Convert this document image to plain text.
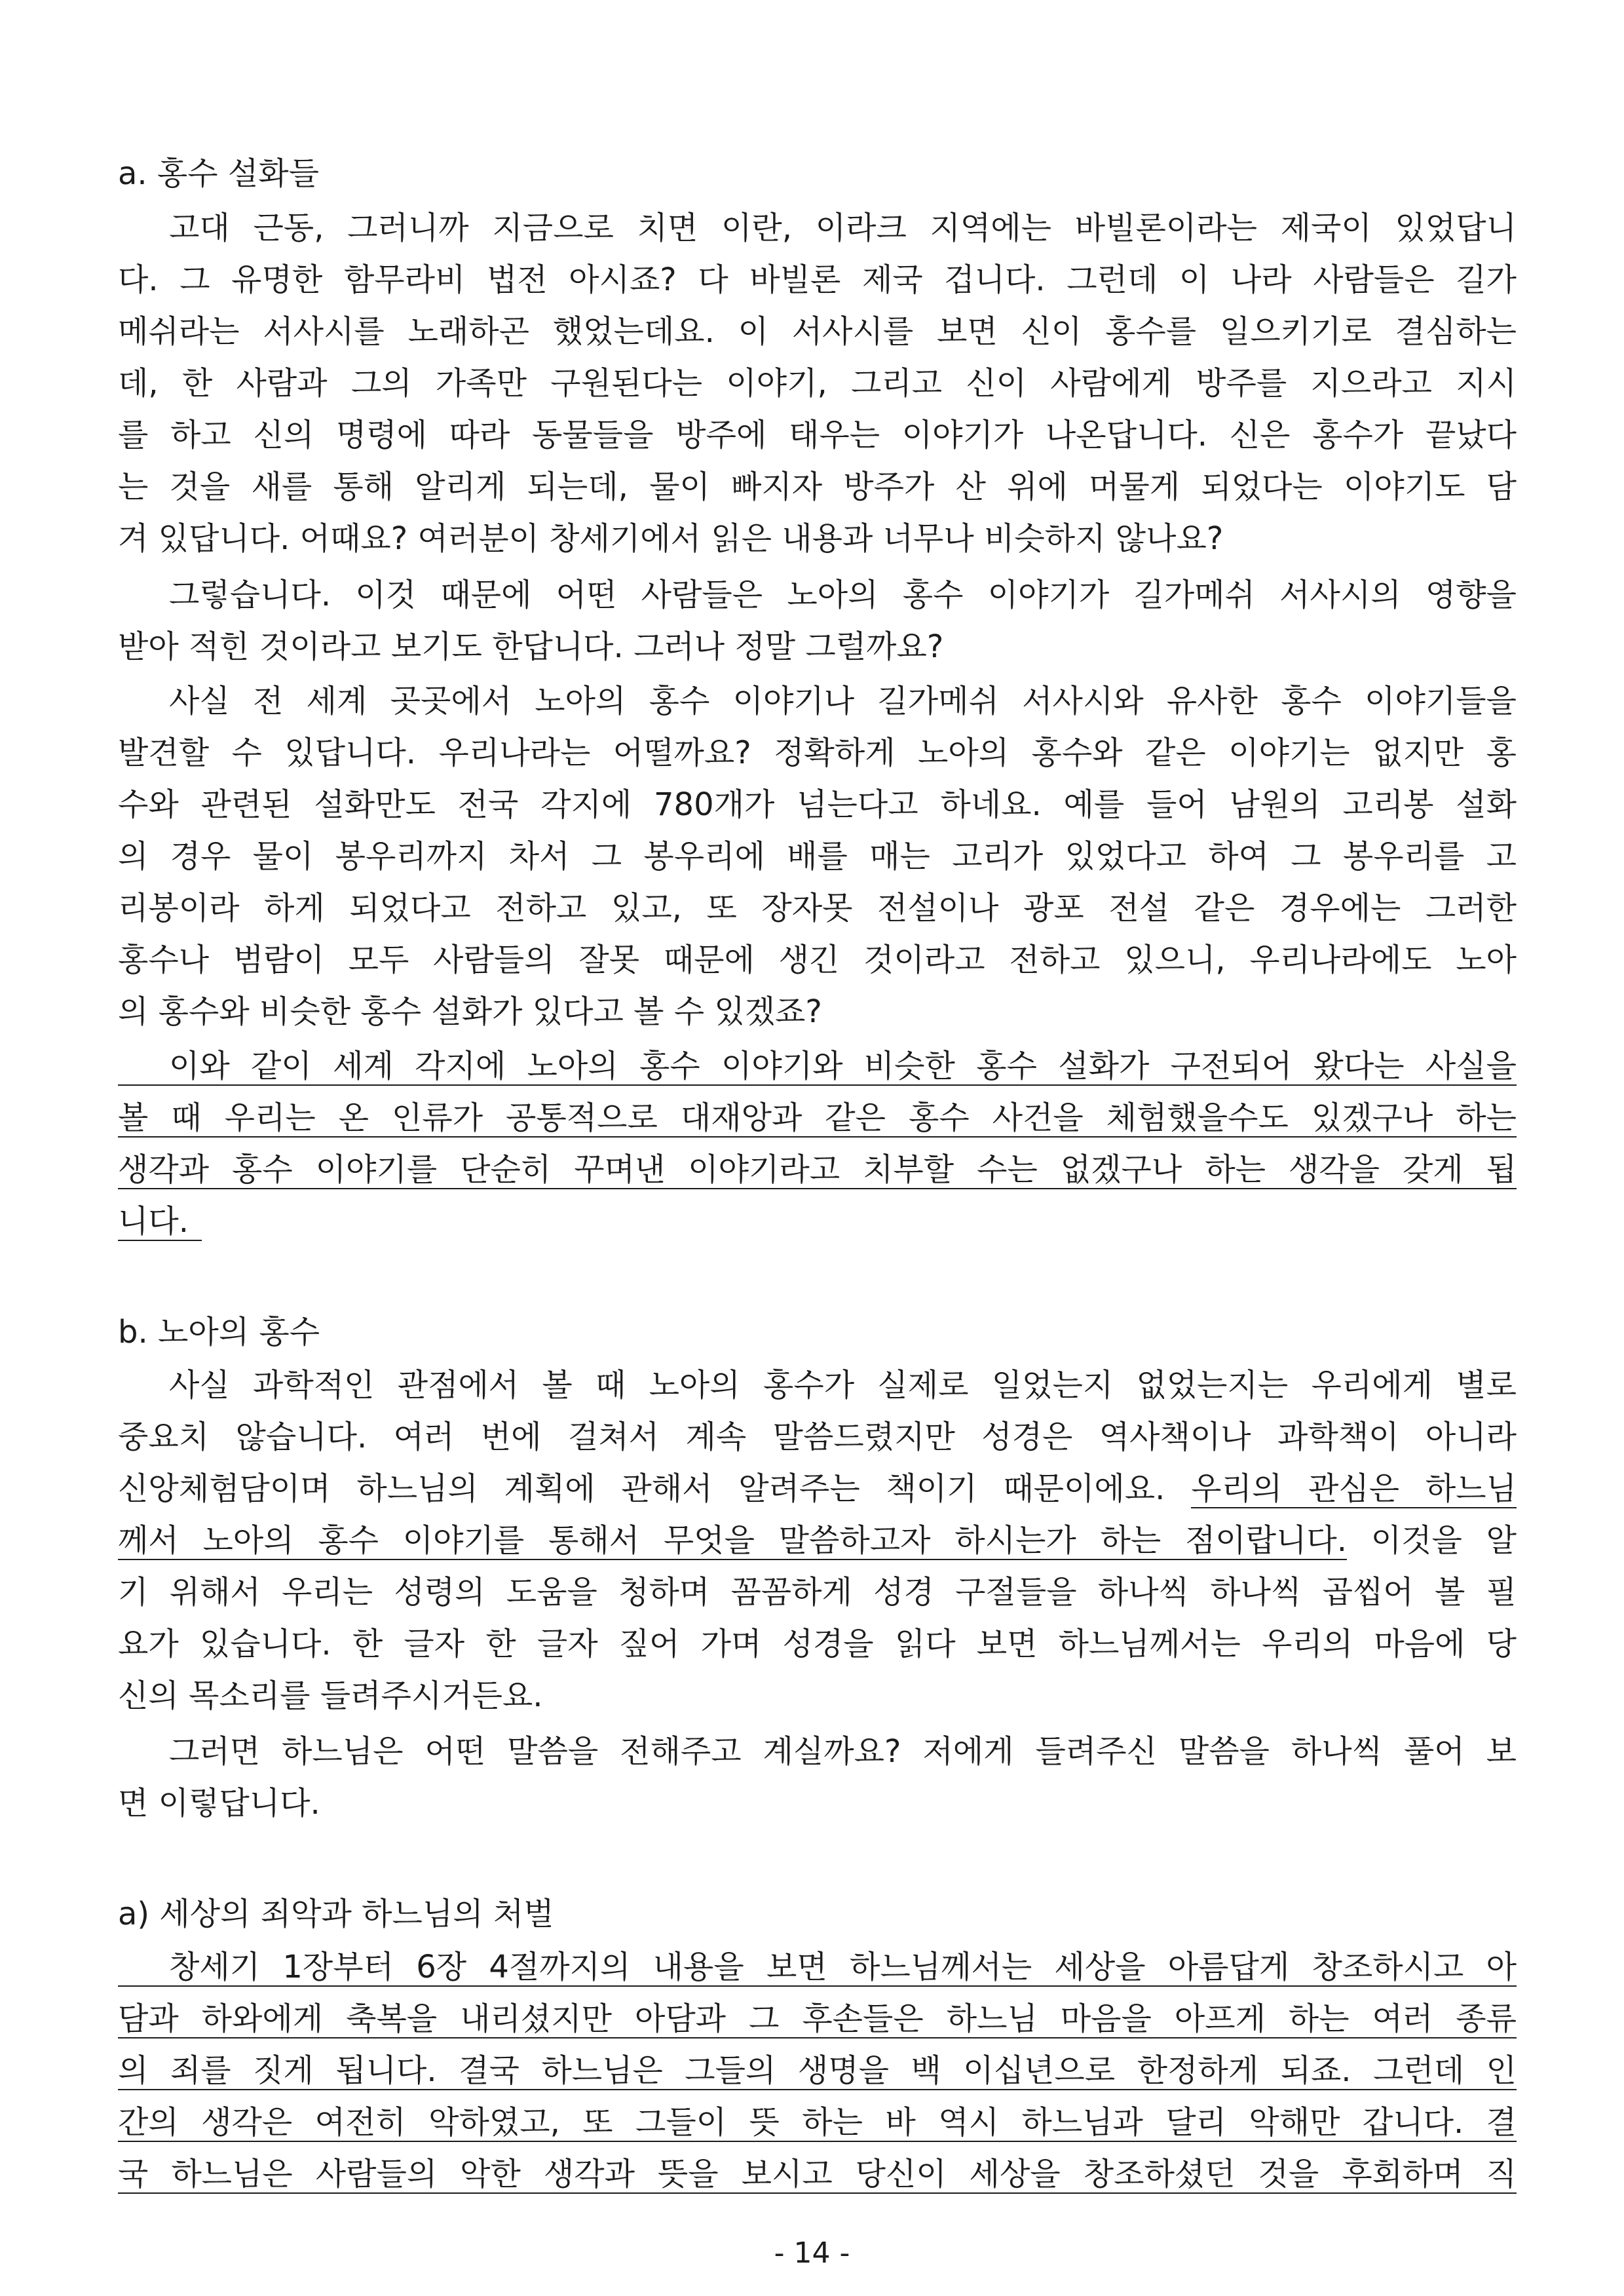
a. 홍수 설화들
고대 근동, 그러니까 지금으로 치면 이란, 이라크 지역에는 바빌론이라는 제국이 있었답니
다. 그 유명한 함무라비 법전 아시죠? 다 바빌론 제국 겁니다. 그런데 이 나라 사람들은 길가
메쉬라는 서사시를 노래하곤 했었는데요. 이 서사시를 보면 신이 홍수를 일으키기로 결심하는
데, 한 사람과 그의 가족만 구원된다는 이야기, 그리고 신이 사람에게 방주를 지으라고 지시
를 하고 신의 명령에 따라 동물들을 방주에 태우는 이야기가 나온답니다. 신은 홍수가 끝났다
는 것을 새를 통해 알리게 되는데, 물이 빠지자 방주가 산 위에 머물게 되었다는 이야기도 담
겨 있답니다. 어때요? 여러분이 창세기에서 읽은 내용과 너무나 비슷하지 않나요?
그렇습니다. 이것 때문에 어떤 사람들은 노아의 홍수 이야기가 길가메쉬 서사시의 영향을
받아 적힌 것이라고 보기도 한답니다. 그러나 정말 그럴까요?
사실 전 세계 곳곳에서 노아의 홍수 이야기나 길가메쉬 서사시와 유사한 홍수 이야기들을
발견할 수 있답니다. 우리나라는 어떨까요? 정확하게 노아의 홍수와 같은 이야기는 없지만 홍
수와 관련된 설화만도 전국 각지에 780개가 넘는다고 하네요. 예를 들어 남원의 고리봉 설화
의 경우 물이 봉우리까지 차서 그 봉우리에 배를 매는 고리가 있었다고 하여 그 봉우리를 고
리봉이라 하게 되었다고 전하고 있고, 또 장자못 전설이나 광포 전설 같은 경우에는 그러한
홍수나 범람이 모두 사람들의 잘못 때문에 생긴 것이라고 전하고 있으니, 우리나라에도 노아
의 홍수와 비슷한 홍수 설화가 있다고 볼 수 있겠죠?
이와 같이 세계 각지에 노아의 홍수 이야기와 비슷한 홍수 설화가 구전되어 왔다는 사실을
볼 때 우리는 온 인류가 공통적으로 대재앙과 같은 홍수 사건을 체험했을수도 있겠구나 하는
생각과 홍수 이야기를 단순히 꾸며낸 이야기라고 치부할 수는 없겠구나 하는 생각을 갖게 됩
니다.
b. 노아의 홍수
사실 과학적인 관점에서 볼 때 노아의 홍수가 실제로 일었는지 없었는지는 우리에게 별로
중요치 않습니다. 여러 번에 걸쳐서 계속 말씀드렸지만 성경은 역사책이나 과학책이 아니라
신앙체험담이며 하느님의 계획에 관해서 알려주는 책이기 때문이에요. 우리의 관심은 하느님
께서 노아의 홍수 이야기를 통해서 무엇을 말씀하고자 하시는가 하는 점이랍니다. 이것을 알
기 위해서 우리는 성령의 도움을 청하며 꼼꼼하게 성경 구절들을 하나씩 하나씩 곱씹어 볼 필
요가 있습니다. 한 글자 한 글자 짚어 가며 성경을 읽다 보면 하느님께서는 우리의 마음에 당
신의 목소리를 들려주시거든요.
그러면 하느님은 어떤 말씀을 전해주고 계실까요? 저에게 들려주신 말씀을 하나씩 풀어 보
면 이렇답니다.
a) 세상의 죄악과 하느님의 처벌
창세기 1장부터 6장 4절까지의 내용을 보면 하느님께서는 세상을 아름답게 창조하시고 아
담과 하와에게 축복을 내리셨지만 아담과 그 후손들은 하느님 마음을 아프게 하는 여러 종류
의 죄를 짓게 됩니다. 결국 하느님은 그들의 생명을 백 이십년으로 한정하게 되죠. 그런데 인
간의 생각은 여전히 악하였고, 또 그들이 뜻 하는 바 역시 하느님과 달리 악해만 갑니다. 결
국 하느님은 사람들의 악한 생각과 뜻을 보시고 당신이 세상을 창조하셨던 것을 후회하며 직
- 14 -
